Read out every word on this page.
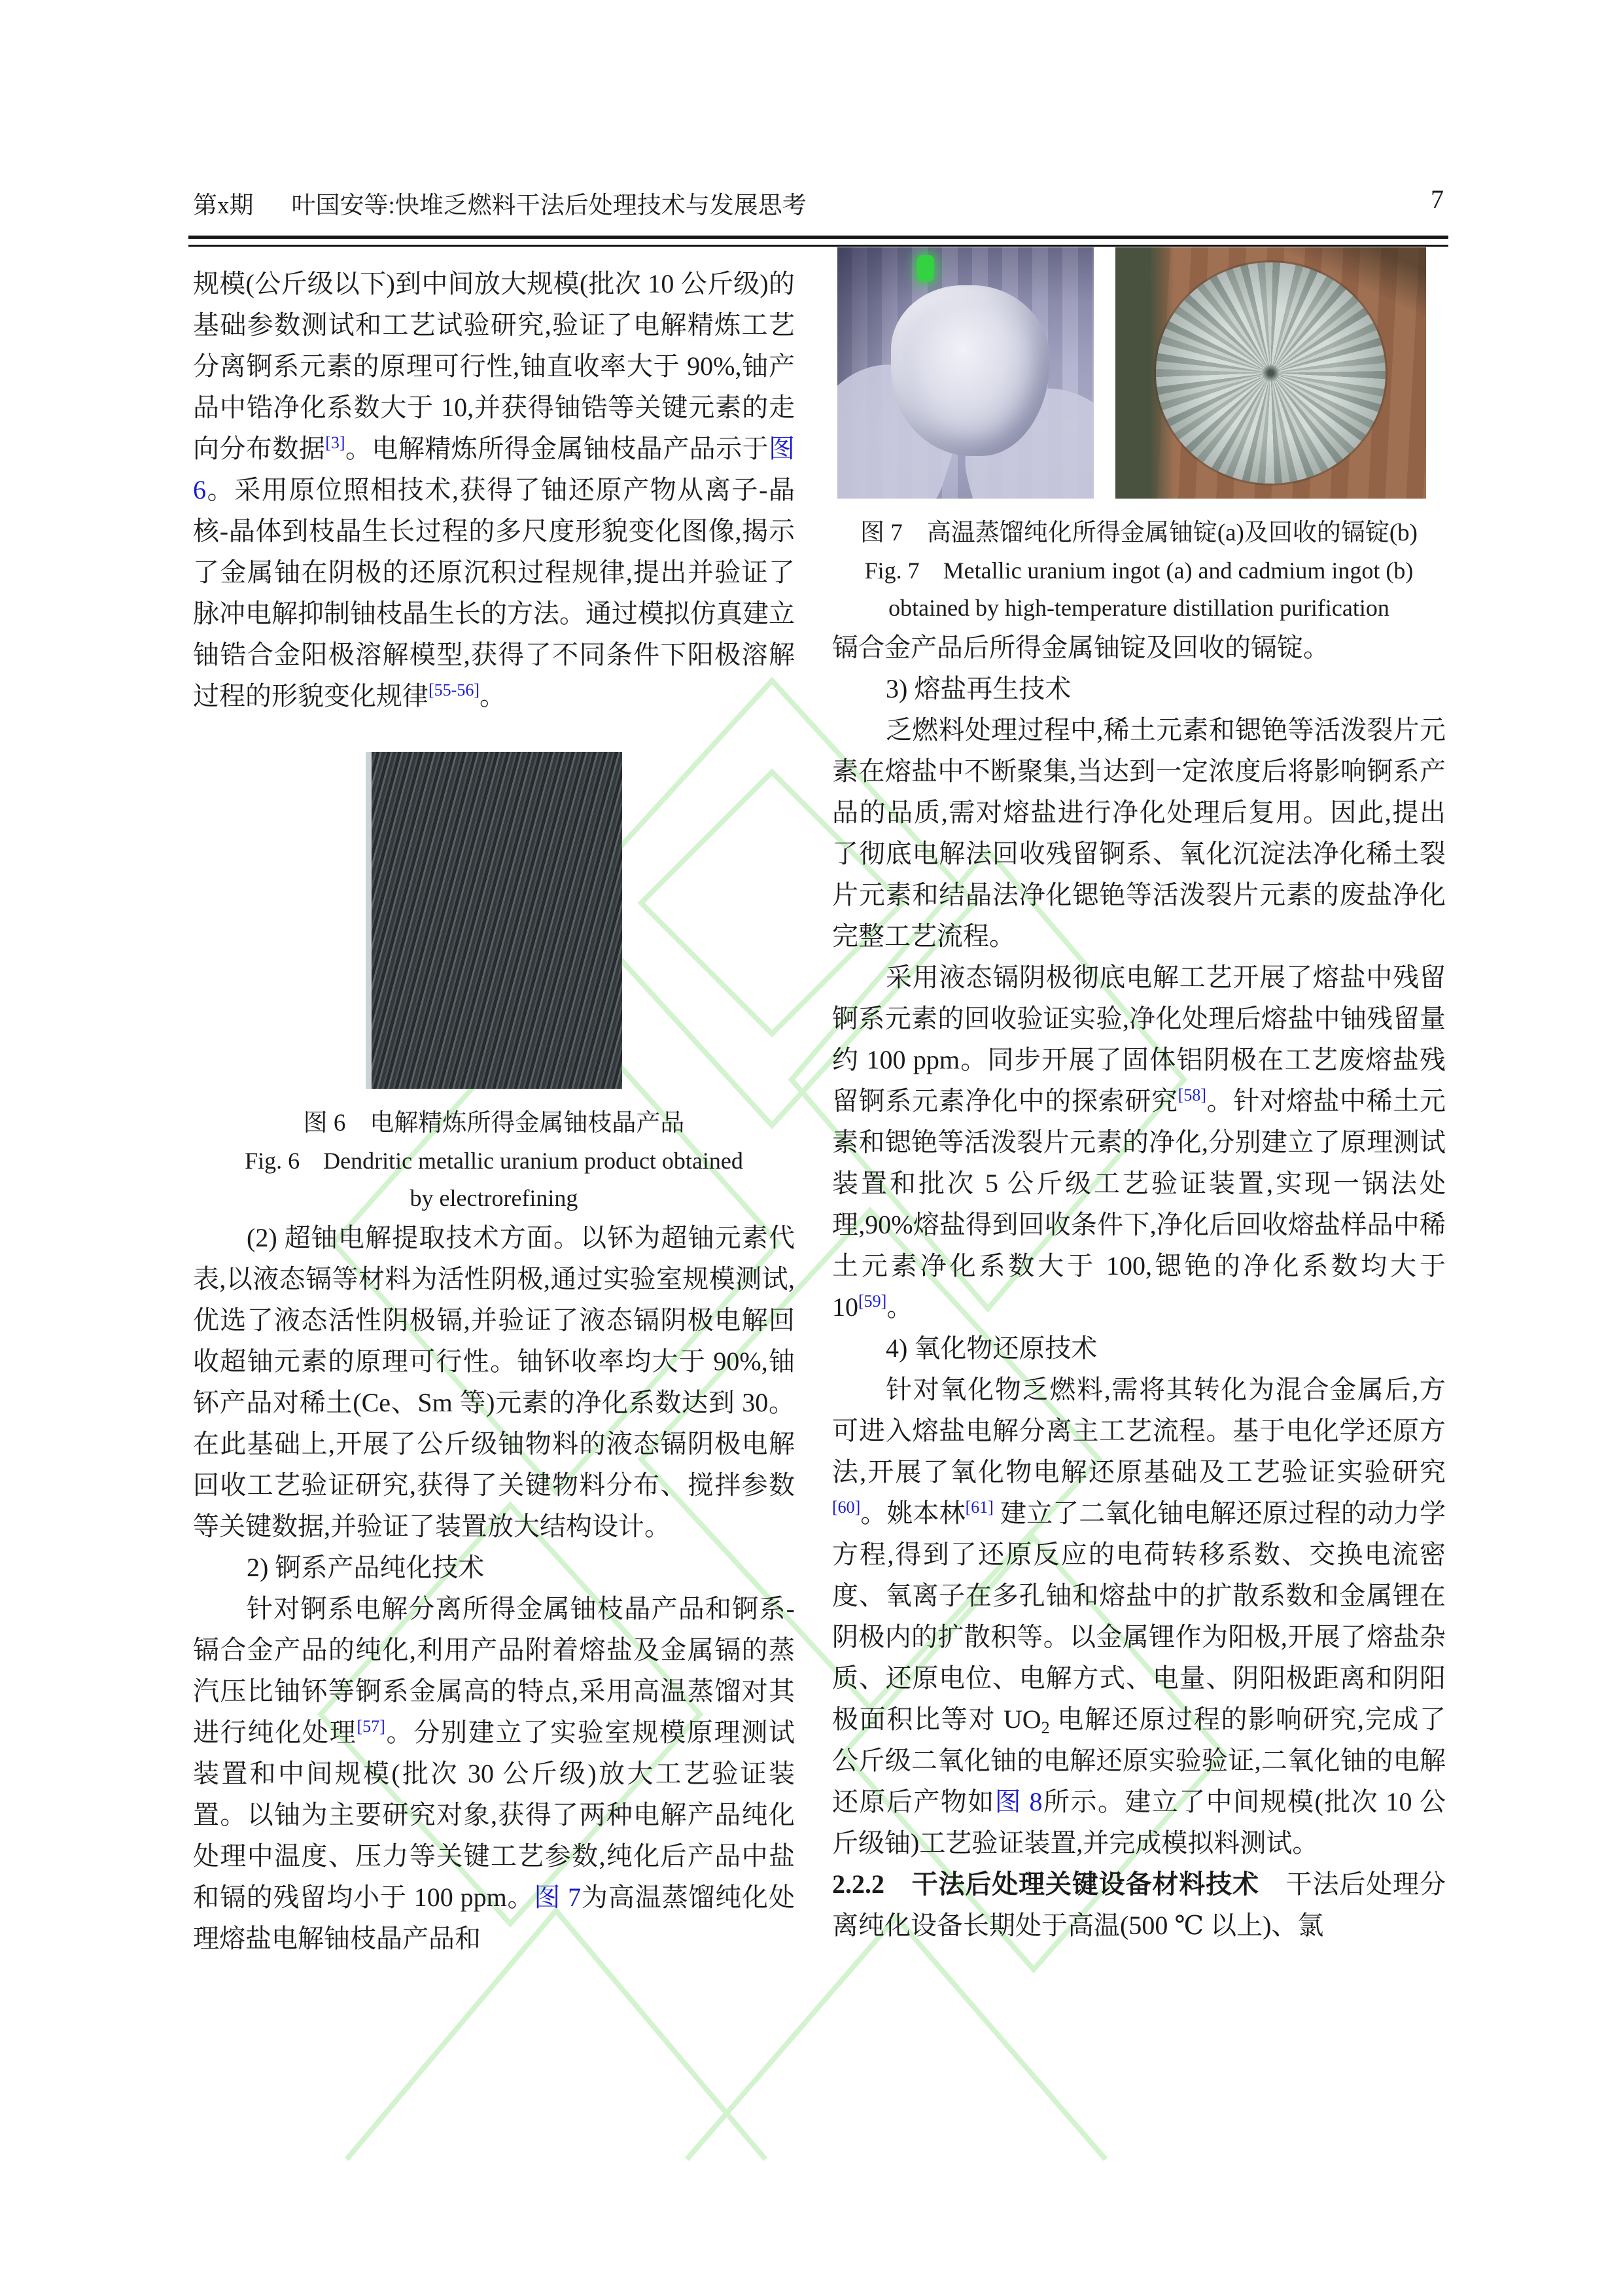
第x期 叶国安等:快堆乏燃料干法后处理技术与发展思考	7

规模(公斤级以下)到中间放大规模(批次 10 公斤级)的基础参数测试和工艺试验研究,验证了电解精炼工艺分离锕系元素的原理可行性,铀直收率大于 90%,铀产品中锆净化系数大于 10,并获得铀锆等关键元素的走向分布数据[3]。电解精炼所得金属铀枝晶产品示于图 6。采用原位照相技术,获得了铀还原产物从离子-晶核-晶体到枝晶生长过程的多尺度形貌变化图像,揭示了金属铀在阴极的还原沉积过程规律,提出并验证了脉冲电解抑制铀枝晶生长的方法。通过模拟仿真建立铀锆合金阳极溶解模型,获得了不同条件下阳极溶解过程的形貌变化规律[55-56]。

图 6　电解精炼所得金属铀枝晶产品
Fig. 6　Dendritic metallic uranium product obtained
by electrorefining

(2) 超铀电解提取技术方面。以钚为超铀元素代表,以液态镉等材料为活性阴极,通过实验室规模测试,优选了液态活性阴极镉,并验证了液态镉阴极电解回收超铀元素的原理可行性。铀钚收率均大于 90%,铀钚产品对稀土(Ce、Sm 等)元素的净化系数达到 30。在此基础上,开展了公斤级铀物料的液态镉阴极电解回收工艺验证研究,获得了关键物料分布、搅拌参数等关键数据,并验证了装置放大结构设计。

2) 锕系产品纯化技术

针对锕系电解分离所得金属铀枝晶产品和锕系-镉合金产品的纯化,利用产品附着熔盐及金属镉的蒸汽压比铀钚等锕系金属高的特点,采用高温蒸馏对其进行纯化处理[57]。分别建立了实验室规模原理测试装置和中间规模(批次 30 公斤级)放大工艺验证装置。以铀为主要研究对象,获得了两种电解产品纯化处理中温度、压力等关键工艺参数,纯化后产品中盐和镉的残留均小于 100 ppm。图 7为高温蒸馏纯化处理熔盐电解铀枝晶产品和

图 7　高温蒸馏纯化所得金属铀锭(a)及回收的镉锭(b)
Fig. 7　Metallic uranium ingot (a) and cadmium ingot (b)
obtained by high-temperature distillation purification

镉合金产品后所得金属铀锭及回收的镉锭。

3) 熔盐再生技术

乏燃料处理过程中,稀土元素和锶铯等活泼裂片元素在熔盐中不断聚集,当达到一定浓度后将影响锕系产品的品质,需对熔盐进行净化处理后复用。因此,提出了彻底电解法回收残留锕系、氧化沉淀法净化稀土裂片元素和结晶法净化锶铯等活泼裂片元素的废盐净化完整工艺流程。

采用液态镉阴极彻底电解工艺开展了熔盐中残留锕系元素的回收验证实验,净化处理后熔盐中铀残留量约 100 ppm。同步开展了固体铝阴极在工艺废熔盐残留锕系元素净化中的探索研究[58]。针对熔盐中稀土元素和锶铯等活泼裂片元素的净化,分别建立了原理测试装置和批次 5 公斤级工艺验证装置,实现一锅法处理,90%熔盐得到回收条件下,净化后回收熔盐样品中稀土元素净化系数大于 100,锶铯的净化系数均大于 10[59]。

4) 氧化物还原技术

针对氧化物乏燃料,需将其转化为混合金属后,方可进入熔盐电解分离主工艺流程。基于电化学还原方法,开展了氧化物电解还原基础及工艺验证实验研究[60]。姚本林[61] 建立了二氧化铀电解还原过程的动力学方程,得到了还原反应的电荷转移系数、交换电流密度、氧离子在多孔铀和熔盐中的扩散系数和金属锂在阴极内的扩散积等。以金属锂作为阳极,开展了熔盐杂质、还原电位、电解方式、电量、阴阳极距离和阴阳极面积比等对 $UO_2$ 电解还原过程的影响研究,完成了公斤级二氧化铀的电解还原实验验证,二氧化铀的电解还原后产物如图 8所示。建立了中间规模(批次 10 公斤级铀)工艺验证装置,并完成模拟料测试。

2.2.2　干法后处理关键设备材料技术　干法后处理分离纯化设备长期处于高温(500 ℃ 以上)、氯
